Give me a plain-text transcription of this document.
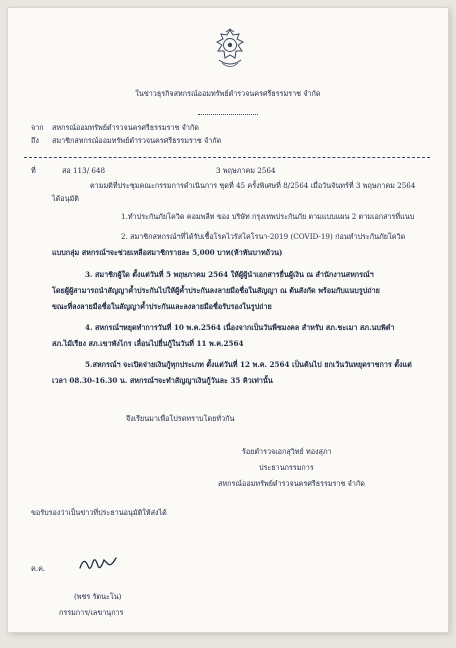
ในข่าวธุรกิจสหกรณ์ออมทรัพย์ตำรวจนครศรีธรรมราช จำกัด
จาก สหกรณ์ออมทรัพย์ตำรวจนครศรีธรรมราช จำกัด
ถึง สมาชิกสหกรณ์ออมทรัพย์ตำรวจนครศรีธรรมราช จำกัด
ที่	สอ 113/ 648	3 พฤษภาคม 2564
ตามมติที่ประชุมคณะกรรมการดำเนินการ ชุดที่ 45 ครั้งพิเศษที่ 8/2564 เมื่อวันจันทร์ที่ 3 พฤษภาคม 2564
ได้อนุมัติ
1.ทำประกันภัยโควิด คอมพลีท ของ บริษัท กรุงเทพประกันภัย ตามแบบแผน 2 ตามเอกสารที่แนบ
2. สมาชิกสหกรณ์ฯที่ได้รับเชื้อโรคไวรัสโคโรนา-2019 (COVID-19) ก่อนทำประกันภัยโควิด
แบบกลุ่ม สหกรณ์ฯจะช่วยเหลือสมาชิกรายละ 5,000 บาท(ห้าพันบาทถ้วน)
3. สมาชิกผู้ใด ตั้งแต่วันที่ 5 พฤษภาคม 2564 ให้ผู้ผู้นำเอกสารยื่นผู้เงิน ณ สำนักงานสหกรณ์ฯ
โดยผู้ผู้สามารถนำสัญญาค้ำประกันไปให้ผู้ค้ำประกันลงลายมือชื่อในสัญญา ณ ต้นสังกัด พร้อมกับแนบรูปถ่าย
ขณะที่ลงลายมือชื่อในสัญญาค้ำประกันและลงลายมือชื่อรับรองในรูปถ่าย
4. สหกรณ์ฯหยุดทำการวันที่ 10 พ.ค.2564 เนื่องจากเป็นวันพืชมงคล สำหรับ สภ.ชะเมา สภ.นบพิตำ
สภ.ไม้เรียง สภ.เขาพังไกร เลื่อนไปยื่นกู้ในวันที่ 11 พ.ค.2564
5.สหกรณ์ฯ จะเปิดจ่ายเงินกู้ทุกประเภท ตั้งแต่วันที่ 12 พ.ค. 2564 เป็นต้นไป ยกเว้นวันหยุดราชการ ตั้งแต่
เวลา 08.30-16.30 น. สหกรณ์ฯจะทำสัญญาเงินกู้วันละ 35 คิวเท่านั้น
จึงเรียนมาเพื่อโปรดทราบโดยทั่วกัน
ร้อยตำรวจเอกสุวิทย์ ทองสุภา
ประธานกรรมการ
สหกรณ์ออมทรัพย์ตำรวจนครศรีธรรมราช จำกัด
ขอรับรองว่าเป็นข่าวที่ประธานอนุมัติให้ส่งได้
ค.ค.
(พชร รัตนะโน)
กรรมการ/เลขานุการ
